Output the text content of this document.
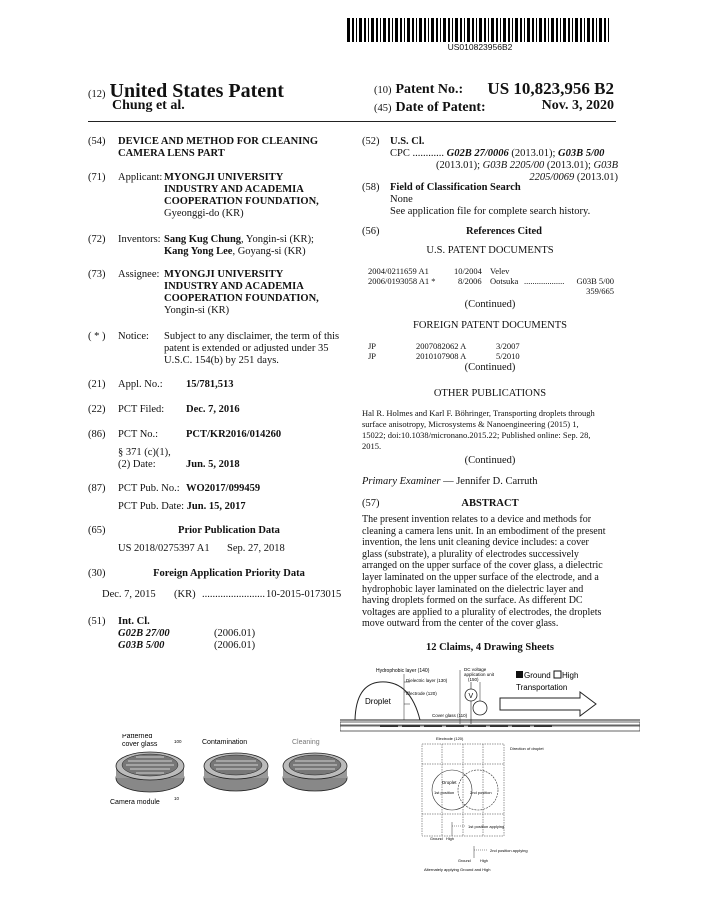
US010823956B2
(12) United States Patent
Chung et al.
(10) Patent No.: US 10,823,956 B2
(45) Date of Patent:	Nov. 3, 2020
(54) DEVICE AND METHOD FOR CLEANING
CAMERA LENS PART
(71) Applicant: MYONGJI UNIVERSITY
INDUSTRY AND ACADEMIA
COOPERATION FOUNDATION,
Gyeonggi-do (KR)
(72) Inventors: Sang Kug Chung, Yongin-si (KR);
Kang Yong Lee, Goyang-si (KR)
(73) Assignee: MYONGJI UNIVERSITY
INDUSTRY AND ACADEMIA
COOPERATION FOUNDATION,
Yongin-si (KR)
( * ) Notice: Subject to any disclaimer, the term of this
patent is extended or adjusted under 35
U.S.C. 154(b) by 251 days.
(21) Appl. No.: 15/781,513
(22) PCT Filed: Dec. 7, 2016
(86) PCT No.:	PCT/KR2016/014260
§ 371 (c)(1),
(2) Date:	Jun. 5, 2018
(87) PCT Pub. No.: WO2017/099459
PCT Pub. Date: Jun. 15, 2017
(65)	Prior Publication Data
US 2018/0275397 A1 Sep. 27, 2018
(30)	Foreign Application Priority Data
Dec. 7, 2015 (KR) ........................ 10-2015-0173015
(51) Int. Cl.
G02B 27/00	(2006.01)
G03B 5/00	(2006.01)
(52) U.S. Cl.
CPC ............ G02B 27/0006 (2013.01); G03B 5/00
(2013.01); G03B 2205/00 (2013.01); G03B
2205/0069 (2013.01)
(58) Field of Classification Search
None
See application file for complete search history.
(56)	References Cited
U.S. PATENT DOCUMENTS
2004/0211659 A1	10/2004 Velev
2006/0193058 A1 *	8/2006 Ootsuka ................... G03B 5/00
359/665
(Continued)
FOREIGN PATENT DOCUMENTS
JP	2007082062 A	3/2007
JP	2010107908 A	5/2010
(Continued)
OTHER PUBLICATIONS
Hal R. Holmes and Karl F. Böhringer, Transporting droplets through
surface anisotropy, Microsystems & Nanoengineering (2015) 1,
15022; doi:10.1038/micronano.2015.22; Published online: Sep. 28,
2015.
(Continued)
Primary Examiner — Jennifer D. Carruth
(57)	ABSTRACT
The present invention relates to a device and methods for
cleaning a camera lens unit. In an embodiment of the present
invention, the lens unit cleaning device includes: a cover
glass (substrate), a plurality of electrodes successively
arranged on the upper surface of the cover glass, a dielectric
layer laminated on the upper surface of the electrode, and a
hydrophobic layer laminated on the dielectric layer and
having droplets formed on the surface. As different DC
voltages are applied to a plurality of electrodes, the droplets
move outward from the center of the cover glass.
12 Claims, 4 Drawing Sheets
Droplet
Hydrophobic layer (140)
Dielectric layer (130)
Electrode (120)
Cover glass (110)
DC voltage
application unit
(150)
V
Ground High
Transportation
Patterned
cover glass	100
10
Camera module
Contamination	Cleaning
Electrode (120)
Direction of droplet
Droplet
1st position	2nd position
1st position applying
Ground High
2nd position applying
Ground High
Alternately applying Ground and High
